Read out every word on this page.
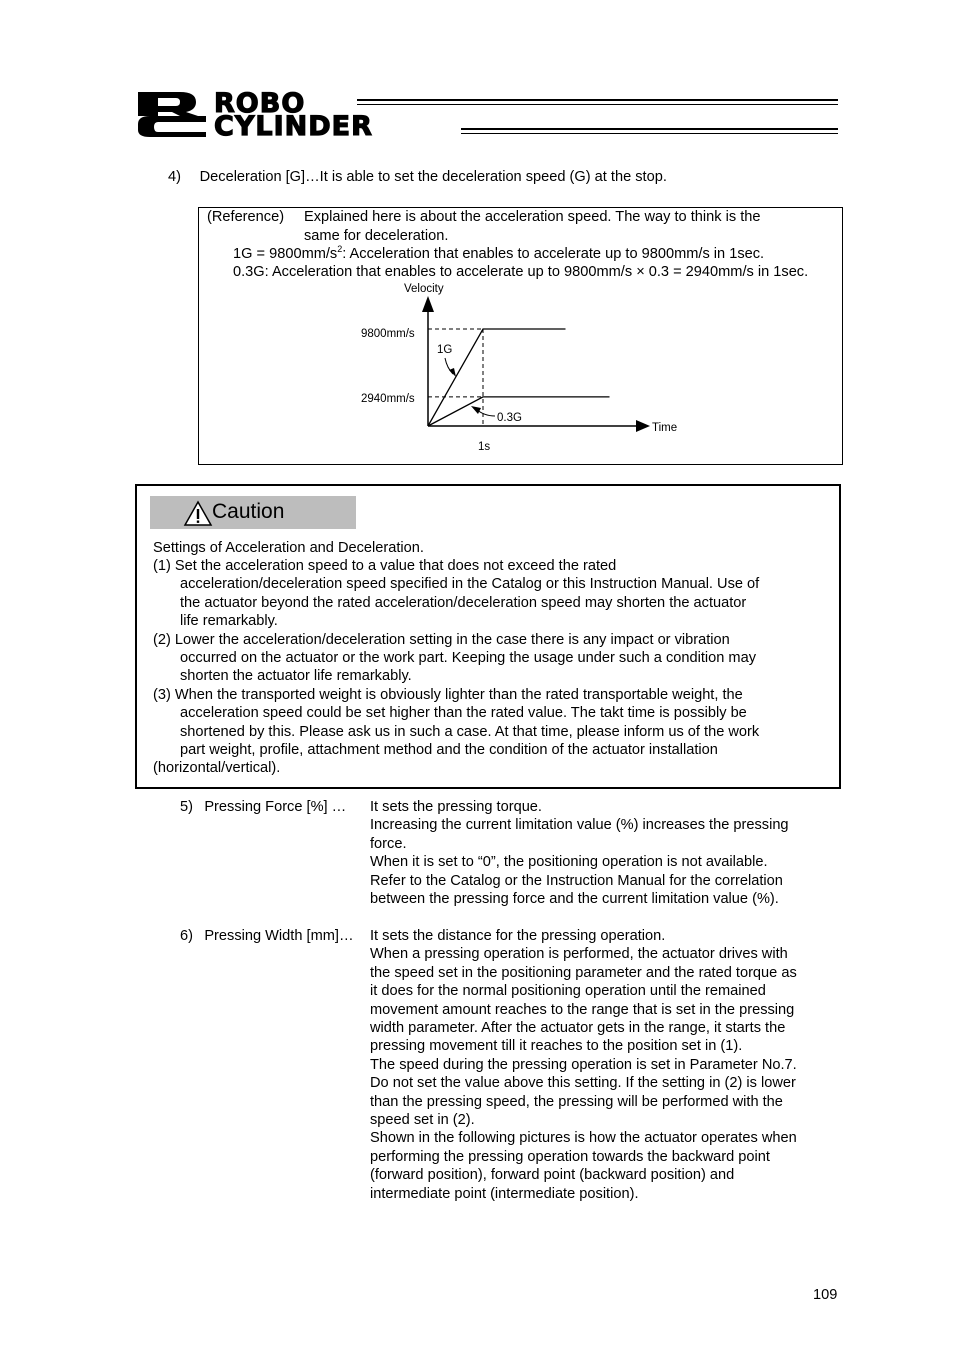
ROBO
CYLINDER
4)  Deceleration [G]…It is able to set the deceleration speed (G) at the stop.
(Reference) Explained here is about the acceleration speed. The way to think is the
same for deceleration.
$1G = 9800mm/s^2$: Acceleration that enables to accelerate up to 9800mm/s in 1sec.
0.3G: Acceleration that enables to accelerate up to 9800mm/s × 0.3 = 2940mm/s in 1sec.
Velocity
Time
9800mm/s
2940mm/s
1s
1G
0.3G
Caution
Settings of Acceleration and Deceleration.
(1) Set the acceleration speed to a value that does not exceed the rated
acceleration/deceleration speed specified in the Catalog or this Instruction Manual. Use of
the actuator beyond the rated acceleration/deceleration speed may shorten the actuator
life remarkably.
(2) Lower the acceleration/deceleration setting in the case there is any impact or vibration
occurred on the actuator or the work part. Keeping the usage under such a condition may
shorten the actuator life remarkably.
(3) When the transported weight is obviously lighter than the rated transportable weight, the
acceleration speed could be set higher than the rated value. The takt time is possibly be
shortened by this. Please ask us in such a case. At that time, please inform us of the work
part weight, profile, attachment method and the condition of the actuator installation
(horizontal/vertical).
5)  Pressing Force [%] … It sets the pressing torque.
Increasing the current limitation value (%) increases the pressing
force.
When it is set to “0”, the positioning operation is not available.
Refer to the Catalog or the Instruction Manual for the correlation
between the pressing force and the current limitation value (%).
6)  Pressing Width [mm]… It sets the distance for the pressing operation.
When a pressing operation is performed, the actuator drives with
the speed set in the positioning parameter and the rated torque as
it does for the normal positioning operation until the remained
movement amount reaches to the range that is set in the pressing
width parameter. After the actuator gets in the range, it starts the
pressing movement till it reaches to the position set in (1).
The speed during the pressing operation is set in Parameter No.7.
Do not set the value above this setting. If the setting in (2) is lower
than the pressing speed, the pressing will be performed with the
speed set in (2).
Shown in the following pictures is how the actuator operates when
performing the pressing operation towards the backward point
(forward position), forward point (backward position) and
intermediate point (intermediate position).
109
